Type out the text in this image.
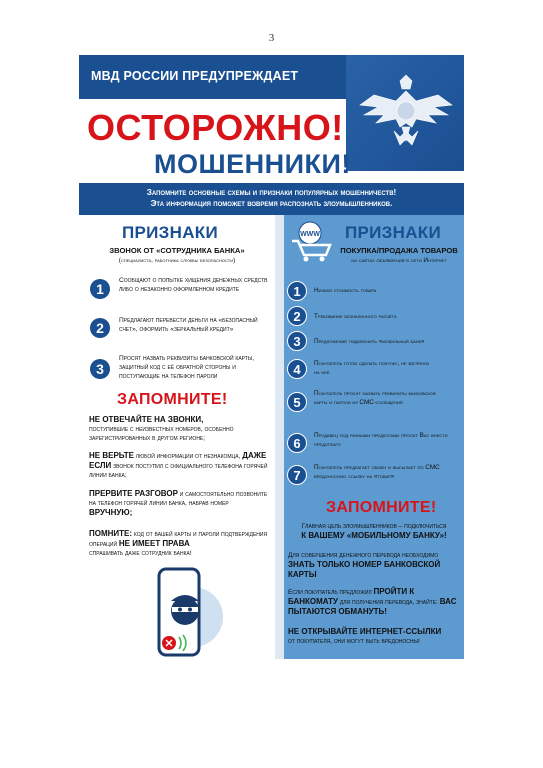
3
МВД РОССИИ ПРЕДУПРЕЖДАЕТ
ОСТОРОЖНО!
МОШЕННИКИ!
Запомните основные схемы и признаки популярных мошенничеств!
Эта информация поможет вовремя распознать злоумышленников.
ПРИЗНАКИ
ЗВОНОК ОТ «СОТРУДНИКА БАНКА»
(специалиста, работника службы безопасности)
1
Сообщают о попытке хищения денежных средств либо о незаконно оформленном кредите
2	Предлагают перевести деньги на «безопасный счет», оформить «зеркальный кредит»
3
Просят назвать реквизиты банковской карты, защитный код с её обратной стороны и поступающие на телефон пароли
ЗАПОМНИТЕ!
НЕ ОТВЕЧАЙТЕ НА ЗВОНКИ,
поступившие с неизвестных номеров, особенно зарегистрированных в другом регионе;
НЕ ВЕРЬТЕ любой информации от незнакомца, ДАЖЕ ЕСЛИ звонок поступил с официального телефона горячей линии банка;
ПРЕРВИТЕ РАЗГОВОР и самостоятельно позвоните на телефон горячей линии банка, набрав номер ВРУЧНУЮ;
ПОМНИТЕ: код от вашей карты и пароли подтверждения операций НЕ ИМЕЕТ ПРАВА
спрашивать даже сотрудник банка!
WWW ПРИЗНАКИ
ПОКУПКА/ПРОДАЖА ТОВАРОВ
на сайтах объявлений в сети Интернет
1	Низкая стоимость товара
2	Требование безналичного расчёта
3	Предложение подключить «мобильный банк»
4	Покупатель готов сделать покупку, не взглянув на неё
5
Покупатель просит назвать реквизиты банковской карты и пароли из СМС-сообщений
6
Продавец под разными предлогами просит Вас внести предоплату
7
Покупатель предлагает обмен и высылает по СМС вредоносную ссылку на «товар»
ЗАПОМНИТЕ!
Главная цель злоумышленников – подключиться
К ВАШЕМУ «МОБИЛЬНОМУ БАНКУ»!
Для совершения денежного перевода необходимо
ЗНАТЬ ТОЛЬКО НОМЕР БАНКОВСКОЙ КАРТЫ
Если покупатель предложил ПРОЙТИ К БАНКОМАТУ для получения перевода, знайте: ВАС ПЫТАЮТСЯ ОБМАНУТЬ!
НЕ ОТКРЫВАЙТЕ ИНТЕРНЕТ-ССЫЛКИ
от покупателя, они могут быть вредоносны!
